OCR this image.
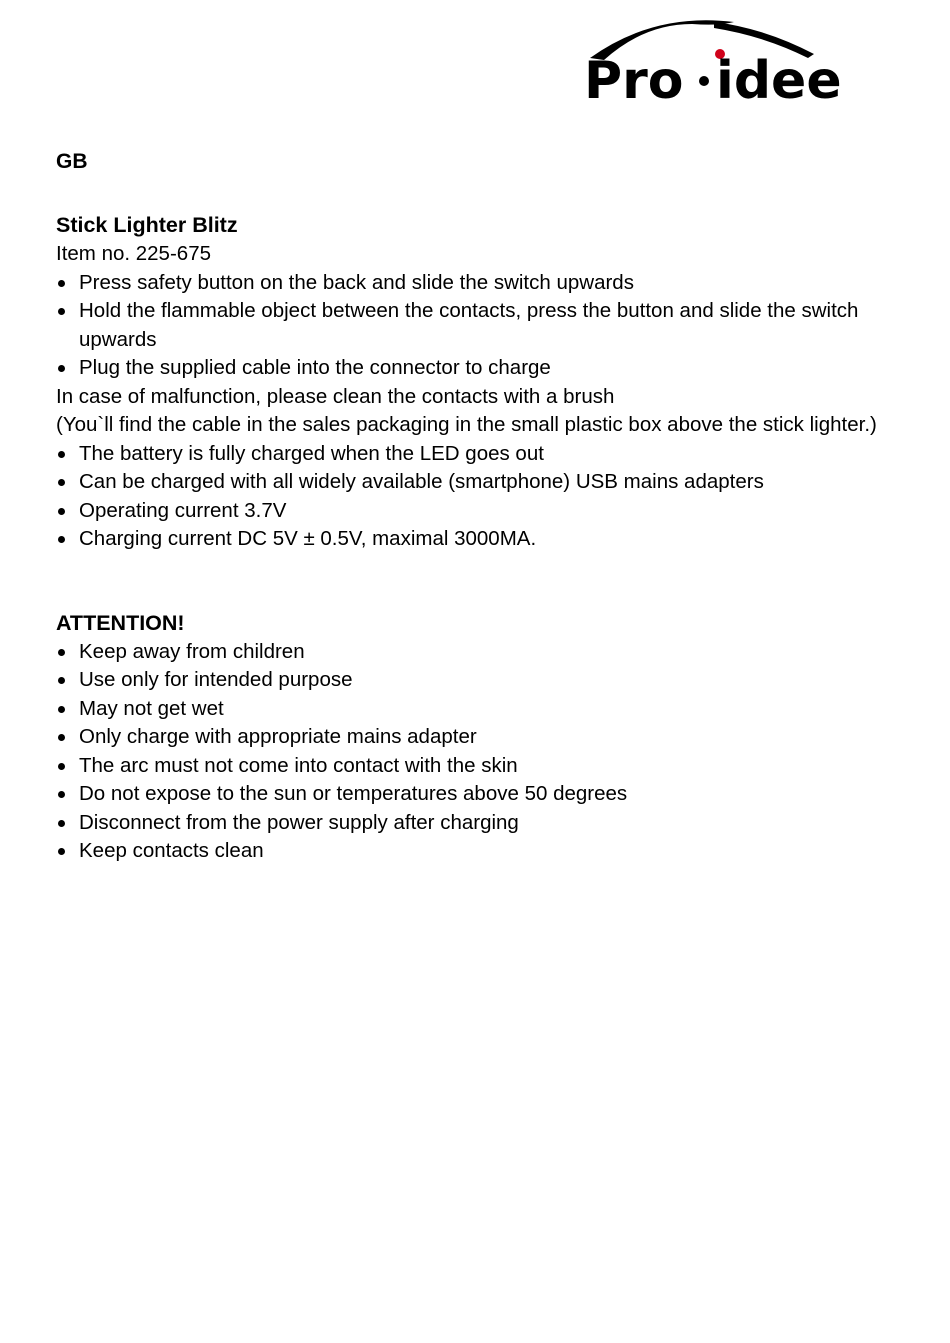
Pro idee
GB
Stick Lighter Blitz
Item no. 225-675
Press safety button on the back and slide the switch upwards
Hold the flammable object between the contacts, press the button and slide the switch upwards
Plug the supplied cable into the connector to charge
In case of malfunction, please clean the contacts with a brush
(You`ll find the cable in the sales packaging in the small plastic box above the stick lighter.)
The battery is fully charged when the LED goes out
Can be charged with all widely available (smartphone) USB mains adapters
Operating current 3.7V
Charging current DC 5V ± 0.5V, maximal 3000MA.
ATTENTION!
Keep away from children
Use only for intended purpose
May not get wet
Only charge with appropriate mains adapter
The arc must not come into contact with the skin
Do not expose to the sun or temperatures above 50 degrees
Disconnect from the power supply after charging
Keep contacts clean
